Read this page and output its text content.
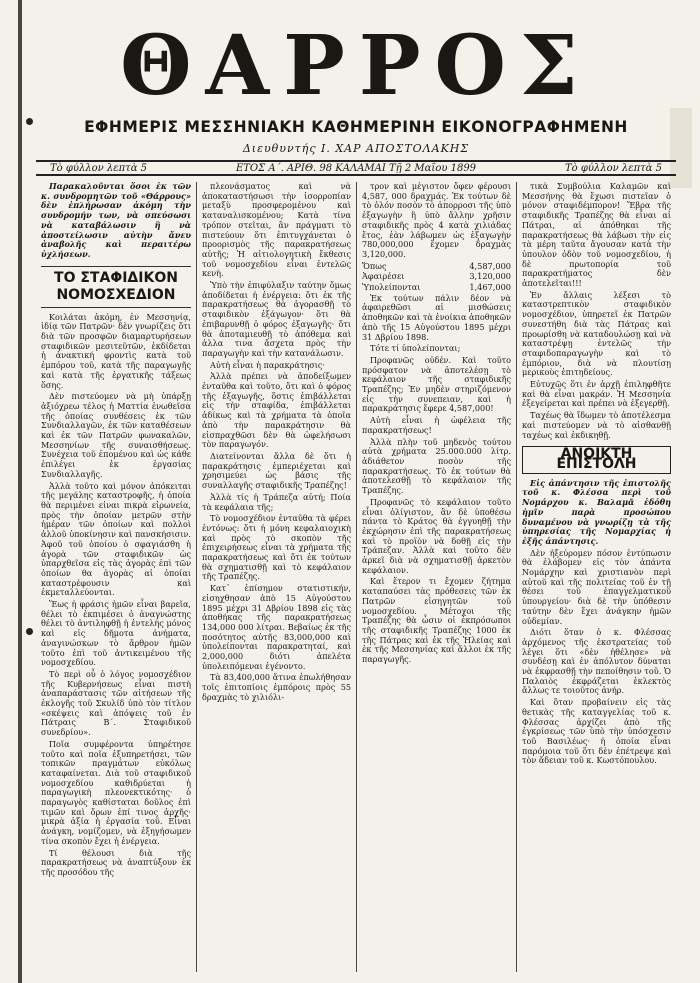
ΘΑΡΡΟΣ
ΕΦΗΜΕΡΙΣ ΜΕΣΣΗΝΙΑΚΗ ΚΑΘΗΜΕΡΙΝΗ ΕΙΚΟΝΟΓΡΑΦΗΜΕΝΗ
Διευθυντής Ι. ΧΑΡ ΑΠΟΣΤΟΛΑΚΗΣ
Τὸ φύλλον λεπτὰ 5	ΕΤΟΣ Α΄. ΑΡΙΘ. 98 ΚΑΛΑΜΑΙ Τῇ 2 Μαΐου 1899	Τὸ φύλλον λεπτὰ 5

Παρακαλοῦνται ὅσοι ἐκ τῶν κ. συνδρομητῶν τοῦ «Θάρρους» δὲν ἐπλήρωσαν ἀκόμη τὴν συνδρομήν των, νὰ σπεύσωσι νὰ καταβάλωσιν ἢ νὰ ἀποστείλωσιν αὐτὴν ἄνευ ἀναβολῆς καὶ περαιτέρω ὑχλήσεων.

ΤΟ ΣΤΑΦΙΔΙΚΟΝ ΝΟΜΟΣΧΕΔΙΟΝ

Κοιλάται ἀκόμη, ἐν Μεσσηνίᾳ, ἰδίᾳ τῶν Πατρῶν· δὲν γνωρίζεις ὅτι διὰ τῶν προσφῶν διαμαρτυρήσεων σταφιδικῶν μεσιτεῦτῶν, ἐκδίδεται ἡ ἀνακτική φροντὶς κατὰ τοῦ ἐμπόρου τοῦ, κατὰ τῆς παραγωγῆς καὶ κατὰ τῆς ἐργατικῆς τάξεως ὅσης.

Δὲν πιστεύομεν νὰ μὴ ὑπάρξῃ ἀξιόχρεω τέλος ἡ Ματτία ἐνωθεῖσα τῆς ὁποίας συνθέσεις ἐκ τῶν Συνδιαλλαγῶν, ἐκ τῶν καταθέσεων καὶ ἐκ τῶν Πατρῶν φωνακαλῶν, Μεσσηνίων τῆς συναισθήσεως. Συνέχεια τοῦ ἐπομένου καὶ ὡς κάθε ἐπιλέγει ἐκ ἐργασίας Συνδιαλλαγῆς.

Ἀλλὰ τοῦτο καὶ μόνον ἀπόκειται τῆς μεγάλης καταστροφῆς, ἡ ὁποία θὰ περιμένει εἰναι πικρὰ εἰρωνεία, πρὸς τὴν ὁποίαν μετρῶν στὴν ἡμέραν τῶν ὁποίων καὶ πολλοὶ ἀλλοῦ ὑποκίνησιν καὶ πανσκήσισιν. Ἀφοῦ τοῦ ὁποίου ὁ σφαγιάσθη ἡ ἀγορὰ τῶν σταφιδικῶν ὡς ὑπαρχθεῖσα εἰς τὰς ἀγορὰς ἐπὶ τῶν ὁποίων θα ἀγορὰς αἱ ὁποίαι καταστρέφουσιν καὶ ἐκμεταλλεύονται.

Ἕως ἡ φράσις ἡμῶν εἶναι βαρεῖα, θέλει τὸ ἐκπιμέσει ὁ ἀναγνώστης θέλει τὸ ἀντιληφθῇ ἡ ἐντελὴς μόνος καὶ εἰς δῆμοτα ἀνήματα, ἀναγινώσκων τὸ ἄρθρον ἡμῶν τοῦτο ἐπὶ τοῦ ἀντικειμένου τῆς νομοσχεδίου.

Τὸ περὶ οὗ ὁ λόγος νομοσχέδιον τῆς Κυβερνήσεως εἶναι πιστὴ ἀναπαράστασις τῶν αἰτήσεων τῆς ἐκλογῆς τοῦ Σκυλίδ ὑπὸ τὸν τίτλον «σκέψεις καὶ ἀπόψεις τοῦ ἐν Πάτραις Β΄. Σταφιδικοῦ συνεδρίου».

Ποῖα συμφέροντα ὑπηρέτησε τοῦτο καὶ ποῖα ἐξυπηρετήσει, τῶν τοπικῶν πραγμάτων εὐκόλως καταφαίνεται. Διὰ τοῦ σταφιδικοῦ νομοσχεδίου καθιδρύεται ἡ παραγωγικὴ πλεονεκτικότης· ὁ παραγωγὸς καθίσταται δοῦλος ἐπὶ τιμῶν καὶ ὅρων ἐπί τινος ἀρχῆς· μικρὰ ἀξία ἡ ἐργασία τοῦ. Εἶναι ἀνάγκη, νομίζομεν, νὰ ἐξηγήσωμεν τίνα σκοπὸν ἔχει ἡ ἐνέργεια.

Τί θέλουσι διὰ τῆς παρακρατήσεως νὰ ἀναπτύξουν ἐκ τῆς προσόδου τῆς

πλεονάσματος καὶ νὰ ἀποκαταστήσωσι τὴν ἰσορροπίαν μεταξὺ προσφερομένου καὶ καταναλισκομένου; Κατὰ τίνα τρόπον στεῖται, ἂν πράγματι τὸ πιστεύουν ὅτι ἐπιτυγχάνεται ὁ προορισμὸς τῆς παρακρατήσεως αὐτῆς; Ἡ αἰτιολογητικὴ ἔκθεσις τοῦ νομοσχεδίου εἶναι ἐντελῶς κενὴ.

Ὑπὸ τὴν ἐπιφύλαξιν ταύτην ὅμως ἀποδίδεται ἡ ἐνέργεια: ὅτι ἐκ τῆς παρακρατήσεως θὰ ἀγορασθῇ τὸ σταφιδικὸν ἐξάγωγον· ὅτι θὰ ἐπιβαρυνθῇ ὁ φόρος ἐξαγωγῆς· ὅτι θὰ ἀποταμιευθῇ τὸ ἀπόθεμα καὶ ἀλλα τινα ἄσχετα πρὸς τὴν παραγωγὴν καὶ τὴν κατανάλωσιν.

Αὐτὴ εἶναι ἡ παρακράτησις·

Ἀλλὰ πρέπει νὰ ἀποδείξωμεν ἐνταῦθα καὶ τοῦτο, ὅτι καὶ ὁ φόρος τῆς ἐξαγωγῆς, ὅστις ἐπιβάλλεται εἰς τὴν σταφίδα, ἐπιβάλλεται ἀδίκως καὶ τὰ χρήματα τὰ ὁποῖα ἀπὸ τὴν παρακράτησιν θὰ εἰσπραχθῶσι δὲν θὰ ὠφελήσωσι τὸν παραγωγόν.

Διατείνονται ἄλλα δὲ ὅτι ἡ παρακράτησις ἐμπεριέχεται καὶ χρησιμεύει ὡς βάσις τῆς συναλλαγῆς σταφιδικῆς Τραπέζης!

Ἀλλὰ τίς ἡ Τράπεζα αὐτή; Ποία τὰ κεφάλαια τῆς;

Τὸ νομοσχέδιον ἐνταῦθα τὰ φέρει ἐντόνως: ὅτι ἡ μόνη κεφαλαιοχικὴ καὶ πρὸς τὸ σκοπὸν τῆς ἐπιχειρήσεως εἶναι τὰ χρήματα τῆς παρακρατήσεως καὶ ὅτι ἐκ τούτων θὰ σχηματισθῇ καὶ τὸ κεφάλαιον τῆς Τραπέζης.

Κατ᾽ ἐπίσημον στατιστικήν, εἰσηχθησαν ἀπὸ 15 Αὐγούστου 1895 μέχρι 31 Δβρίου 1898 εἰς τὰς ἀποθήκας τῆς παρακρατήσεως 134,000 000 λίτραι. Βεβαίως ἐκ τῆς ποσότητος αὐτῆς 83,000,000 καὶ ὑπολείπονται παρακρατηταί, καὶ 2,000,000 διότι ἀπελέτα ὑπολειπόμεναι ἐγένοντο.

Τὰ 83,400,000 ἄτινα ἐπωλήθησαν τοῖς ἐπιτοπίοις ἐμπόροις πρὸς 55 δραχμὰς τὸ χιλιόλι-

τρον καὶ μέγιστον ὄφεν φέρουσι 4,587, 000 δραχμάς. Ἐκ τούτων δὲ τὸ ὁλόν ποσὸν τὸ ἀπορροσι τῆς ὑπὸ ἐξαγωγὴν ἢ ὑπὸ ἄλλην χρῆσιν σταφιδικῆς πρὸς 4 κατὰ χιλιάδας ἔτος, ἐὰν λάβωμεν ὡς ἐξαγωγὴν 780,000,000 ἔχομεν δραχμὰς 3,120,000.

Ὅπως	4,587,000
Ἀφαιρέσει	3,120,000
Ὑπολείπονται	1,467,000

Ἐκ τούτων πάλιν δέον νὰ ἀφαιρεθῶσι αἱ μισθώσεις ἀποθηκῶν καὶ τὰ ἐνοίκια ἀποθηκῶν ἀπὸ τῆς 15 Αὐγούστου 1895 μέχρι 31 Δβρίου 1898.

Τότε τί ὑπολείπονται;

Προφανῶς οὐδέν. Καὶ τοῦτο πρόσφατον νὰ ἀποτελέσῃ τὸ κεφάλαιον τῆς σταφιδικῆς Τραπέζης; Ἐν μηδὲν στηριζόμενον εἰς τὴν συνεπειαν, καὶ ἡ παρακράτησις ἔφερε 4,587,000!

Αὐτὴ εἶναι ἡ ὠφέλεια τῆς παρακρατήσεως!

Ἀλλὰ πλὴν τοῦ μηδενὸς τούτου αὐτὰ χρήματα 25.000.000 λίτρ. ἀδιάθετον ποσὸν τῆς παρακρατήσεως. Τὸ ἐκ τούτων θὰ ἀποτελεσθῇ τὸ κεφάλαιον τῆς Τραπέζης.

Προφανῶς τὸ κεφάλαιον τοῦτο εἶναι ὀλίγιστον, ἂν δὲ ὑποθέσω πάντα τὸ Κράτος θὰ ἐγγυηθῇ τὴν ἐκχώρησιν ἐπὶ τῆς παρακρατήσεως καὶ τὸ προϊὸν νὰ δοθῇ εἰς τὴν Τράπεζαν. Ἀλλὰ καὶ τοῦτο δὲν ἀρκεῖ διὰ νὰ σχηματισθῇ ἀρκετὸν κεφάλαιον.

Καὶ ἕτερον τι ἔχομεν ζήτημα καταπαύσει τὰς πρόθεσεις τῶν ἐκ Πατρῶν εἰσηγητῶν τοῦ νομοσχεδίου. Μέτοχοι τῆς Τραπέζης θὰ ὦσιν οἱ ἐκπρόσωποι τῆς σταφιδικῆς Τραπέζης 1000 ἐκ τῆς Πάτρας καὶ ἐκ τῆς Ἠλείας καὶ ἐκ τῆς Μεσσηνίας καὶ ἄλλοι ἐκ τῆς παραγωγῆς.

τικὰ Συμβούλια Καλαμῶν καὶ Μεσσήνης θὰ ἔχωσι πιστεῖαν ὁ μόνον σταφιδέμπορον! Ἕβρα τῆς σταφιδικῆς Τραπέζης θὰ εἶναι αἱ Πάτραι, αἱ ἀπόθηκαι τῆς παρακρατήσεως θὰ λάβωσι τὴν εἰς τὰ μέρη ταῦτα ἄγουσαν κατὰ τὴν ὑπουλον ὁδὸν τοῦ νομοσχεδίου, ἡ δὲ πρωτοπορία τοῦ παρακρατήματος δὲν ἀποτελεῖται!!!

Ἐν ἄλλαις λέξεσι τὸ καταστρεπτικὸν σταφιδικὸν νομοσχέδιον, ὑπηρετεῖ ἐκ Πατρῶν συνεστήθη διὰ τὰς Πάτρας καὶ προωρίσθη νὰ καταδουλώσῃ καὶ νὰ καταστρέψῃ ἐντελῶς τὴν σταφιδοπαραγωγὴν καὶ τὸ ἐμπόριον, διὰ νὰ πλουτίσῃ μερικοὺς ἐπιτηδείους.

Εὐτυχῶς ὅτι ἐν ἀρχῇ ἐπιληφθῆτε καὶ θὰ εἶναι μακράν. Ἡ Μεσσηνία ἐξεγείρεται καὶ πρέπει νὰ ἐξεγερθῇ.

Ταχέως θὰ ἴδωμεν τὸ ἀποτέλεσμα καὶ πιστεύομεν νὰ τὸ αἰσθανθῇ ταχέως καὶ ἐκδικηθῇ.

ΑΝΟΙΚΤΗ ΕΠΙΣΤΟΛΗ

Εἰς ἀπάντησιν τῆς ἐπιστολῆς τοῦ κ. Φλέσσα περὶ τοῦ Νομάρχου κ. Βαλαμᾶ ἐδόθη ἡμῖν παρὰ προσώπου δυναμένου νὰ γνωρίζῃ τὰ τῆς ὑπηρεσίας τῆς Νομαρχίας ἡ ἑξῆς ἀπάντησις.

Δὲν ἠξεύρομεν πόσον ἐντύπωσιν θὰ ἐλάβομεν εἰς τὸν ἀπάντα Νομάρχην καὶ χριστιανὸν περὶ αὐτοῦ καὶ τῆς πολιτείας τοῦ ἐν τῇ θέσει τοῦ ἐπαγγελματικοῦ ὑπουργείου· διὰ δὲ τὴν ὑπόθεσιν ταύτην δὲν ἔχει ἀνάγκην ἡμῶν οὐδεμίαν.

Διότι ὅταν ὁ κ. Φλέσσας ἀρχόμενος τῆς ἐκστρατείας τοῦ λέγει ὅτι «δὲν ἠθέλησε» νὰ συνδέσῃ καὶ ἐν ἀπόλυτον δύναται νὰ ἐκφρασθῇ τὴν πεποίθησιν τοῦ. Ὁ Παλαιὸς ἐκφράζεται ἐκλεκτὸς ἄλλως τε τοιοῦτος ἀνήρ.

Καὶ ὅταν προβαίνειν εἰς τὰς θετικὰς τῆς καταγγελίας τοῦ κ. Φλέσσας ἀρχίζει ἀπὸ τῆς ἐγκρίσεως τῶν ὑπὸ τὴν ὑπόσχεσιν τοῦ Βασιλέως· ἡ ὁποία εἶναι παρόμοια τοῦ ὅτι δὲν ἐπέτρεψε καὶ τὸν ἄδειαν τοῦ κ. Κωστόπουλου.
